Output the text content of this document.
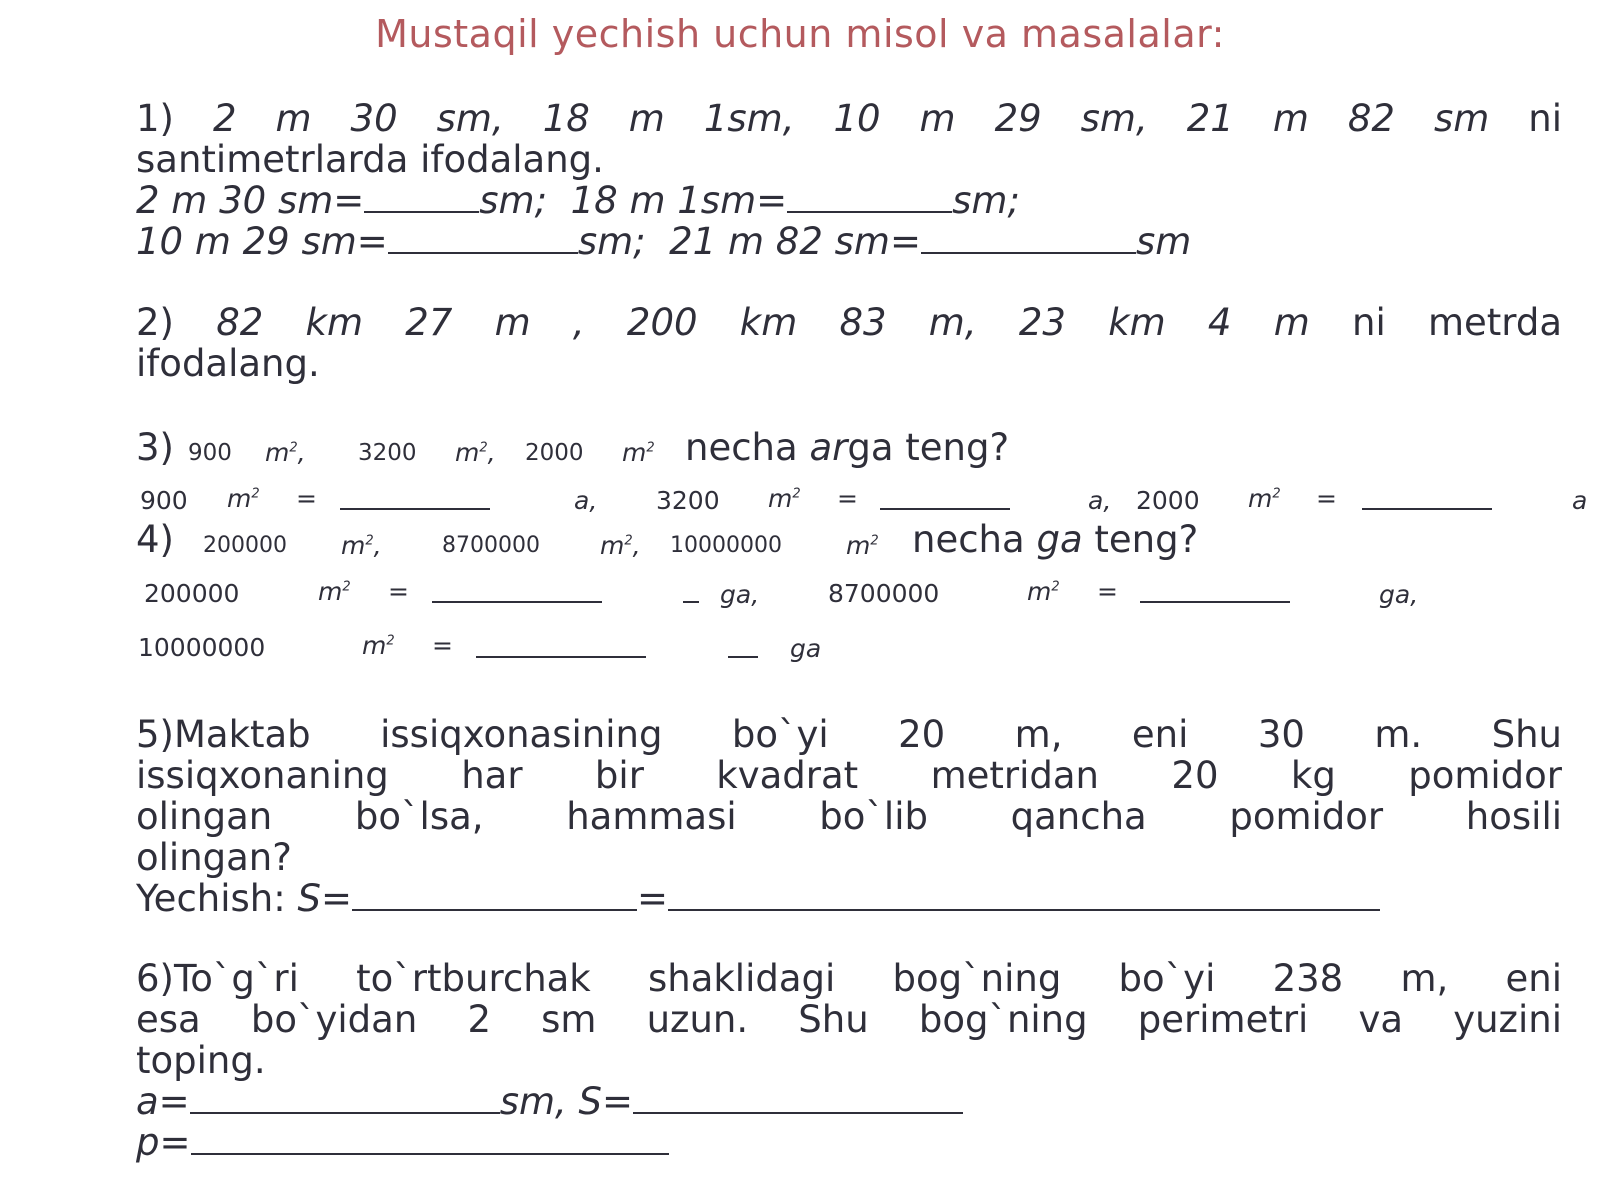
Mustaqil yechish uchun misol va masalalar:
1) 2 m 30 sm, 18 m 1sm, 10 m 29 sm, 21 m 82 sm ni
santimetrlarda ifodalang.
2 m 30 sm=	sm; 18 m 1sm=	sm;
10 m 29 sm=	sm; 21 m 82 sm=	sm
2) 82 km 27 m , 200 km 83 m, 23 km 4 m ni metrda
ifodalang.
3) 900 $m^2$, 3200 $m^2$, 2000 $m^2$ necha arga teng?
900 $m^2$ =	a, 3200 $m^2$ =	a, 2000 $m^2$ =	a
4) 200000 $m^2$,	8700000 $m^2$, 10000000	$m^2$ necha ga teng?
200000	$m^2$ =	ga,	8700000	$m^2$ =	ga,
10000000	$m^2$ =	ga
5)Maktab issiqxonasining bo`yi 20 m, eni 30 m. Shu
issiqxonaning har bir kvadrat metridan 20 kg pomidor
olingan bo`lsa, hammasi bo`lib qancha pomidor hosili
olingan?
Yechish: S=	=
6)To`g`ri to`rtburchak shaklidagi bog`ning bo`yi 238 m, eni
esa bo`yidan 2 sm uzun. Shu bog`ning perimetri va yuzini
toping.
a=	sm, S=
p=
